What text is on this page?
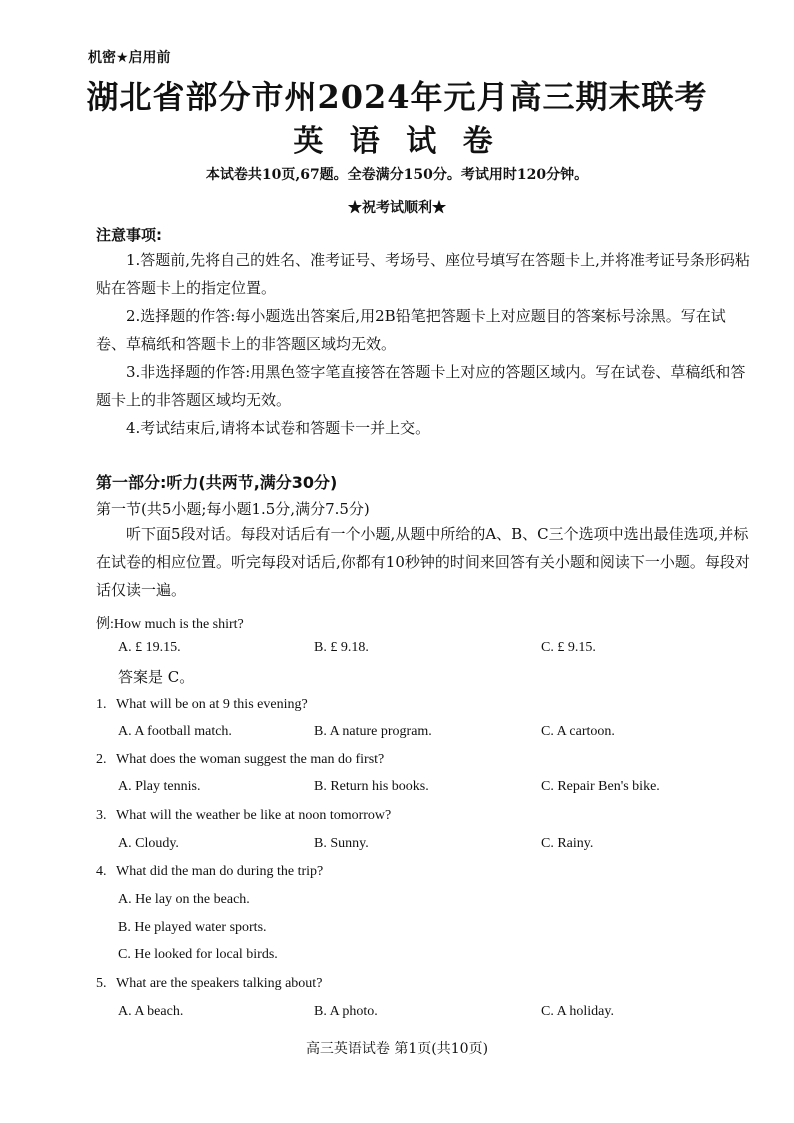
机密★启用前
湖北省部分市州2024年元月高三期末联考
英 语 试 卷
本试卷共10页,67题。全卷满分150分。考试用时120分钟。
★祝考试顺利★
注意事项:
1.答题前,先将自己的姓名、准考证号、考场号、座位号填写在答题卡上,并将准考证号条形码粘贴在答题卡上的指定位置。
2.选择题的作答:每小题选出答案后,用2B铅笔把答题卡上对应题目的答案标号涂黑。写在试卷、草稿纸和答题卡上的非答题区域均无效。
3.非选择题的作答:用黑色签字笔直接答在答题卡上对应的答题区域内。写在试卷、草稿纸和答题卡上的非答题区域均无效。
4.考试结束后,请将本试卷和答题卡一并上交。
第一部分:听力(共两节,满分30分)
第一节(共5小题;每小题1.5分,满分7.5分)
听下面5段对话。每段对话后有一个小题,从题中所给的A、B、C三个选项中选出最佳选项,并标在试卷的相应位置。听完每段对话后,你都有10秒钟的时间来回答有关小题和阅读下一小题。每段对话仅读一遍。
例:How much is the shirt?
A. £ 19.15.	B. £ 9.18.	C. £ 9.15.
答案是 C。
1. What will be on at 9 this evening?
A. A football match.	B. A nature program.	C. A cartoon.
2. What does the woman suggest the man do first?
A. Play tennis.	B. Return his books.	C. Repair Ben's bike.
3. What will the weather be like at noon tomorrow?
A. Cloudy.	B. Sunny.	C. Rainy.
4. What did the man do during the trip?
A. He lay on the beach.
B. He played water sports.
C. He looked for local birds.
5. What are the speakers talking about?
A. A beach.	B. A photo.	C. A holiday.
高三英语试卷 第1页(共10页)
